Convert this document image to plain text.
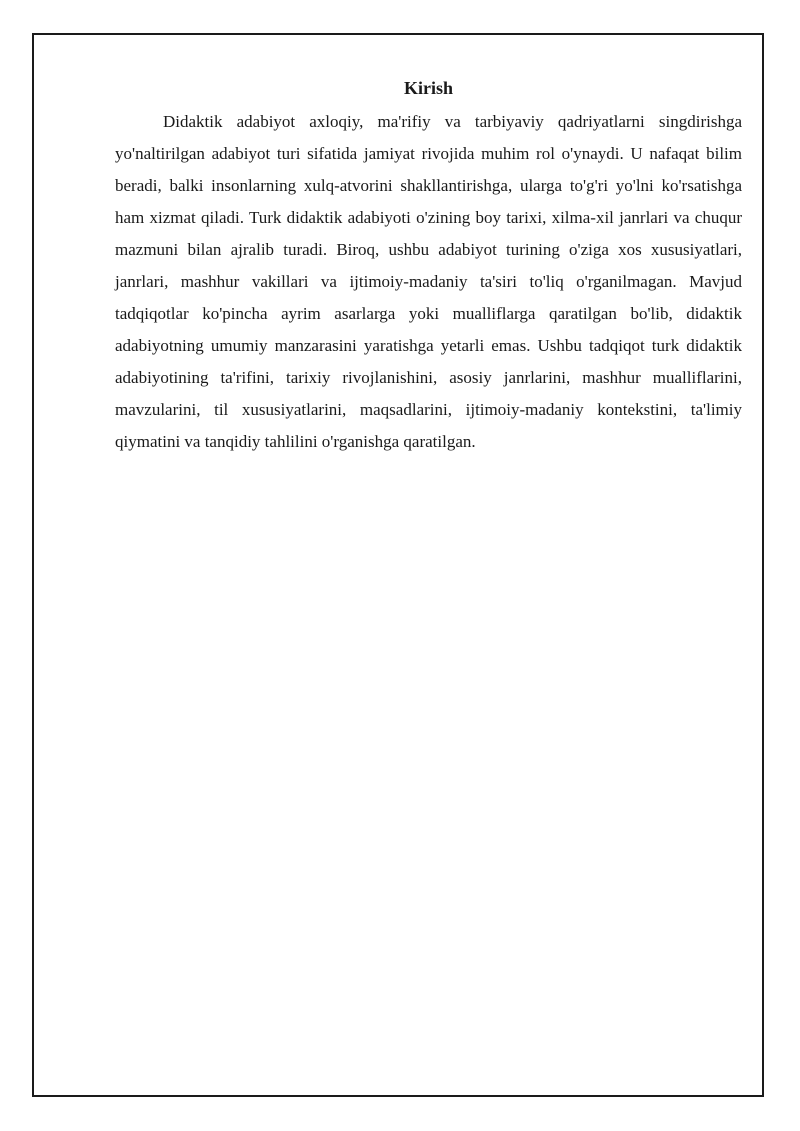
Kirish

Didaktik adabiyot axloqiy, ma'rifiy va tarbiyaviy qadriyatlarni singdirishga yo'naltirilgan adabiyot turi sifatida jamiyat rivojida muhim rol o'ynaydi. U nafaqat bilim beradi, balki insonlarning xulq-atvorini shakllantirishga, ularga to'g'ri yo'lni ko'rsatishga ham xizmat qiladi. Turk didaktik adabiyoti o'zining boy tarixi, xilma-xil janrlari va chuqur mazmuni bilan ajralib turadi. Biroq, ushbu adabiyot turining o'ziga xos xususiyatlari, janrlari, mashhur vakillari va ijtimoiy-madaniy ta'siri to'liq o'rganilmagan. Mavjud tadqiqotlar ko'pincha ayrim asarlarga yoki mualliflarga qaratilgan bo'lib, didaktik adabiyotning umumiy manzarasini yaratishga yetarli emas. Ushbu tadqiqot turk didaktik adabiyotining ta'rifini, tarixiy rivojlanishini, asosiy janrlarini, mashhur mualliflarini, mavzularini, til xususiyatlarini, maqsadlarini, ijtimoiy-madaniy kontekstini, ta'limiy qiymatini va tanqidiy tahlilini o'rganishga qaratilgan.
